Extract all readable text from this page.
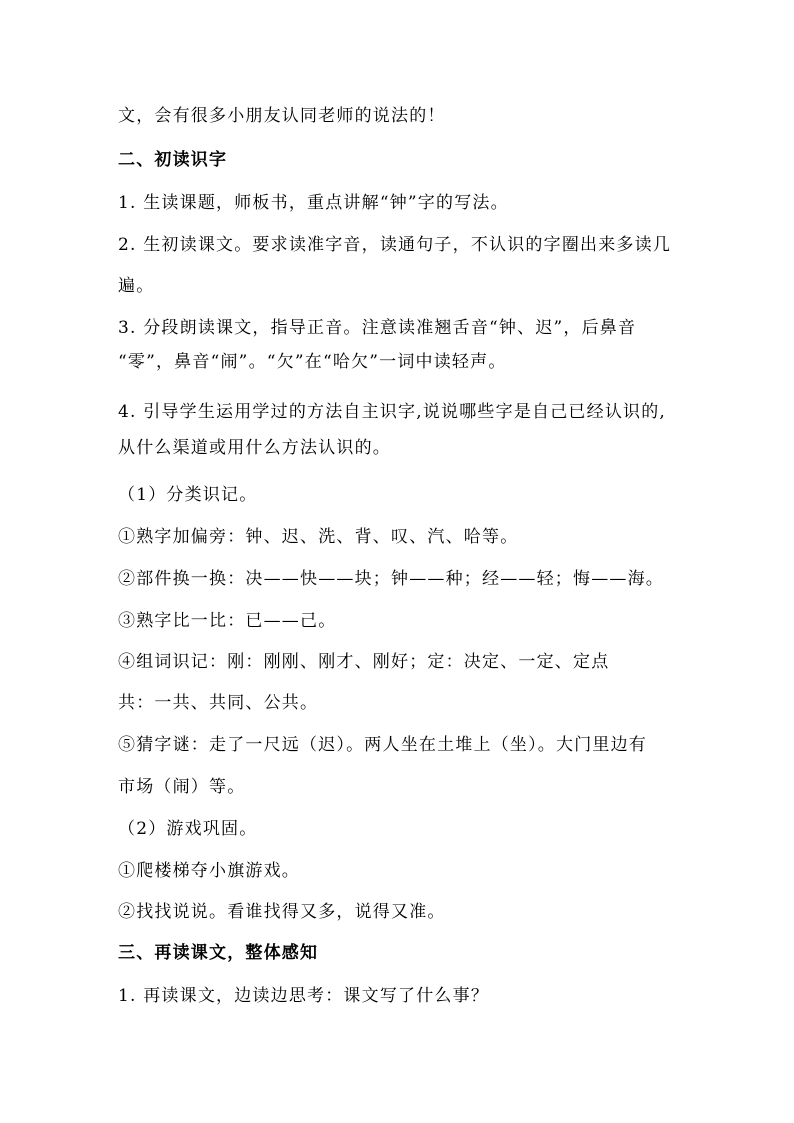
文，会有很多小朋友认同老师的说法的！
二、初读识字
1. 生读课题，师板书，重点讲解“钟”字的写法。
2. 生初读课文。要求读准字音，读通句子，不认识的字圈出来多读几
遍。
3. 分段朗读课文，指导正音。注意读准翘舌音“钟、迟”，后鼻音
“零”，鼻音“闹”。“欠”在“哈欠”一词中读轻声。
4. 引导学生运用学过的方法自主识字,说说哪些字是自己已经认识的,
从什么渠道或用什么方法认识的。
（1）分类识记。
①熟字加偏旁：钟、迟、洗、背、叹、汽、哈等。
②部件换一换：决——快——块；钟——种；经——轻；悔——海。
③熟字比一比：已——己。
④组词识记：刚：刚刚、刚才、刚好；定：决定、一定、定点
共：一共、共同、公共。
⑤猜字谜：走了一尺远（迟）。两人坐在土堆上（坐）。大门里边有
市场（闹）等。
（2）游戏巩固。
①爬楼梯夺小旗游戏。
②找找说说。看谁找得又多，说得又准。
三、再读课文，整体感知
1. 再读课文，边读边思考：课文写了什么事？
